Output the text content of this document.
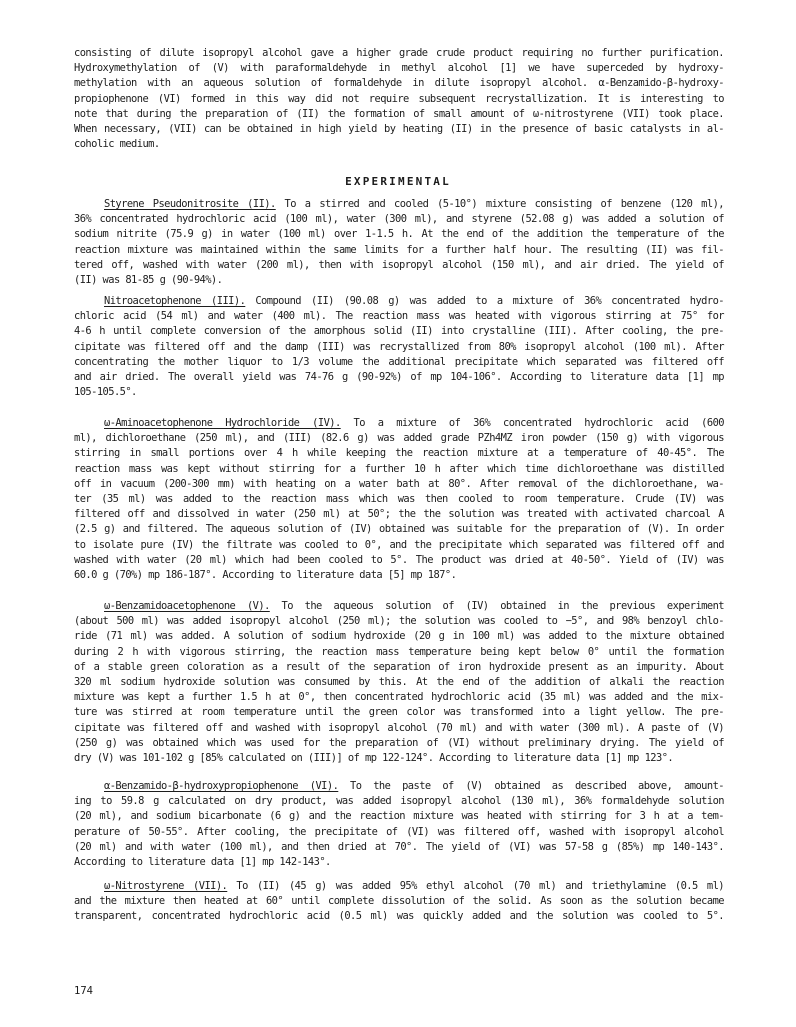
consisting of dilute isopropyl alcohol gave a higher grade crude product requiring no further purification.
Hydroxymethylation of (V) with paraformaldehyde in methyl alcohol [1] we have superceded by hydroxy-
methylation with an aqueous solution of formaldehyde in dilute isopropyl alcohol. α-Benzamido-β-hydroxy-
propiophenone (VI) formed in this way did not require subsequent recrystallization. It is interesting to
note that during the preparation of (II) the formation of small amount of ω-nitrostyrene (VII) took place.
When necessary, (VII) can be obtained in high yield by heating (II) in the presence of basic catalysts in al-
coholic medium.
EXPERIMENTAL
Styrene Pseudonitrosite (II). To a stirred and cooled (5-10°) mixture consisting of benzene (120 ml),
36% concentrated hydrochloric acid (100 ml), water (300 ml), and styrene (52.08 g) was added a solution of
sodium nitrite (75.9 g) in water (100 ml) over 1-1.5 h. At the end of the addition the temperature of the
reaction mixture was maintained within the same limits for a further half hour. The resulting (II) was fil-
tered off, washed with water (200 ml), then with isopropyl alcohol (150 ml), and air dried. The yield of
(II) was 81-85 g (90-94%).
Nitroacetophenone (III). Compound (II) (90.08 g) was added to a mixture of 36% concentrated hydro-
chloric acid (54 ml) and water (400 ml). The reaction mass was heated with vigorous stirring at 75° for
4-6 h until complete conversion of the amorphous solid (II) into crystalline (III). After cooling, the pre-
cipitate was filtered off and the damp (III) was recrystallized from 80% isopropyl alcohol (100 ml). After
concentrating the mother liquor to 1/3 volume the additional precipitate which separated was filtered off
and air dried. The overall yield was 74-76 g (90-92%) of mp 104-106°. According to literature data [1] mp
105-105.5°.
ω-Aminoacetophenone Hydrochloride (IV). To a mixture of 36% concentrated hydrochloric acid (600
ml), dichloroethane (250 ml), and (III) (82.6 g) was added grade PZh4MZ iron powder (150 g) with vigorous
stirring in small portions over 4 h while keeping the reaction mixture at a temperature of 40-45°. The
reaction mass was kept without stirring for a further 10 h after which time dichloroethane was distilled
off in vacuum (200-300 mm) with heating on a water bath at 80°. After removal of the dichloroethane, wa-
ter (35 ml) was added to the reaction mass which was then cooled to room temperature. Crude (IV) was
filtered off and dissolved in water (250 ml) at 50°; the the solution was treated with activated charcoal A
(2.5 g) and filtered. The aqueous solution of (IV) obtained was suitable for the preparation of (V). In order
to isolate pure (IV) the filtrate was cooled to 0°, and the precipitate which separated was filtered off and
washed with water (20 ml) which had been cooled to 5°. The product was dried at 40-50°. Yield of (IV) was
60.0 g (70%) mp 186-187°. According to literature data [5] mp 187°.
ω-Benzamidoacetophenone (V). To the aqueous solution of (IV) obtained in the previous experiment
(about 500 ml) was added isopropyl alcohol (250 ml); the solution was cooled to −5°, and 98% benzoyl chlo-
ride (71 ml) was added. A solution of sodium hydroxide (20 g in 100 ml) was added to the mixture obtained
during 2 h with vigorous stirring, the reaction mass temperature being kept below 0° until the formation
of a stable green coloration as a result of the separation of iron hydroxide present as an impurity. About
320 ml sodium hydroxide solution was consumed by this. At the end of the addition of alkali the reaction
mixture was kept a further 1.5 h at 0°, then concentrated hydrochloric acid (35 ml) was added and the mix-
ture was stirred at room temperature until the green color was transformed into a light yellow. The pre-
cipitate was filtered off and washed with isopropyl alcohol (70 ml) and with water (300 ml). A paste of (V)
(250 g) was obtained which was used for the preparation of (VI) without preliminary drying. The yield of
dry (V) was 101-102 g [85% calculated on (III)] of mp 122-124°. According to literature data [1] mp 123°.
α-Benzamido-β-hydroxypropiophenone (VI). To the paste of (V) obtained as described above, amount-
ing to 59.8 g calculated on dry product, was added isopropyl alcohol (130 ml), 36% formaldehyde solution
(20 ml), and sodium bicarbonate (6 g) and the reaction mixture was heated with stirring for 3 h at a tem-
perature of 50-55°. After cooling, the precipitate of (VI) was filtered off, washed with isopropyl alcohol
(20 ml) and with water (100 ml), and then dried at 70°. The yield of (VI) was 57-58 g (85%) mp 140-143°.
According to literature data [1] mp 142-143°.
ω-Nitrostyrene (VII). To (II) (45 g) was added 95% ethyl alcohol (70 ml) and triethylamine (0.5 ml)
and the mixture then heated at 60° until complete dissolution of the solid. As soon as the solution became
transparent, concentrated hydrochloric acid (0.5 ml) was quickly added and the solution was cooled to 5°.
174
